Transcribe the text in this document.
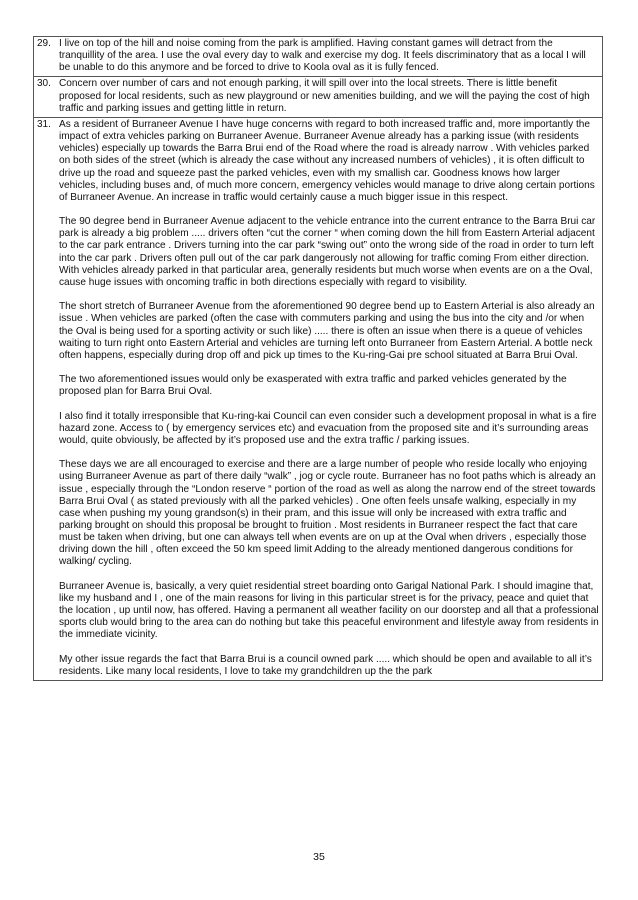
29. I live on top of the hill and noise coming from the park is amplified. Having constant games will detract from the tranquillity of the area. I use the oval every day to walk and exercise my dog. It feels discriminatory that as a local I will be unable to do this anymore and be forced to drive to Koola oval as it is fully fenced.

30. Concern over number of cars and not enough parking, it will spill over into the local streets. There is little benefit proposed for local residents, such as new playground or new amenities building, and we will the paying the cost of high traffic and parking issues and getting little in return.

31. As a resident of Burraneer Avenue I have huge concerns with regard to both increased traffic and, more importantly the impact of extra vehicles parking on Burraneer Avenue. Burraneer Avenue already has a parking issue (with residents vehicles) especially up towards the Barra Brui end of the Road where the road is already narrow . With vehicles parked on both sides of the street (which is already the case without any increased numbers of vehicles) , it is often difficult to drive up the road and squeeze past the parked vehicles, even with my smallish car. Goodness knows how larger vehicles, including buses and, of much more concern, emergency vehicles would manage to drive along certain portions of Burraneer Avenue. An increase in traffic would certainly cause a much bigger issue in this respect.

The 90 degree bend in Burraneer Avenue adjacent to the vehicle entrance into the current entrance to the Barra Brui car park is already a big problem ..... drivers often “cut the corner “ when coming down the hill from Eastern Arterial adjacent to the car park entrance . Drivers turning into the car park “swing out” onto the wrong side of the road in order to turn left into the car park . Drivers often pull out of the car park dangerously not allowing for traffic coming From either direction. With vehicles already parked in that particular area, generally residents but much worse when events are on a the Oval, cause huge issues with oncoming traffic in both directions especially with regard to visibility.

The short stretch of Burraneer Avenue from the aforementioned 90 degree bend up to Eastern Arterial is also already an issue . When vehicles are parked (often the case with commuters parking and using the bus into the city and /or when the Oval is being used for a sporting activity or such like) ..... there is often an issue when there is a queue of vehicles waiting to turn right onto Eastern Arterial and vehicles are turning left onto Burraneer from Eastern Arterial. A bottle neck often happens, especially during drop off and pick up times to the Ku-ring-Gai pre school situated at Barra Brui Oval.

The two aforementioned issues would only be exasperated with extra traffic and parked vehicles generated by the proposed plan for Barra Brui Oval.

I also find it totally irresponsible that Ku-ring-kai Council can even consider such a development proposal in what is a fire hazard zone. Access to ( by emergency services etc) and evacuation from the proposed site and it’s surrounding areas would, quite obviously, be affected by it’s proposed use and the extra traffic / parking issues.

These days we are all encouraged to exercise and there are a large number of people who reside locally who enjoying using Burraneer Avenue as part of there daily “walk” , jog or cycle route. Burraneer has no foot paths which is already an issue , especially through the “London reserve “ portion of the road as well as along the narrow end of the street towards Barra Brui Oval ( as stated previously with all the parked vehicles) . One often feels unsafe walking, especially in my case when pushing my young grandson(s) in their pram, and this issue will only be increased with extra traffic and parking brought on should this proposal be brought to fruition . Most residents in Burraneer respect the fact that care must be taken when driving, but one can always tell when events are on up at the Oval when drivers , especially those driving down the hill , often exceed the 50 km speed limit Adding to the already mentioned dangerous conditions for walking/ cycling.

Burraneer Avenue is, basically, a very quiet residential street boarding onto Garigal National Park. I should imagine that, like my husband and I , one of the main reasons for living in this particular street is for the privacy, peace and quiet that the location , up until now, has offered. Having a permanent all weather facility on our doorstep and all that a professional sports club would bring to the area can do nothing but take this peaceful environment and lifestyle away from residents in the immediate vicinity.

My other issue regards the fact that Barra Brui is a council owned park ..... which should be open and available to all it’s residents. Like many local residents, I love to take my grandchildren up the the park

35
